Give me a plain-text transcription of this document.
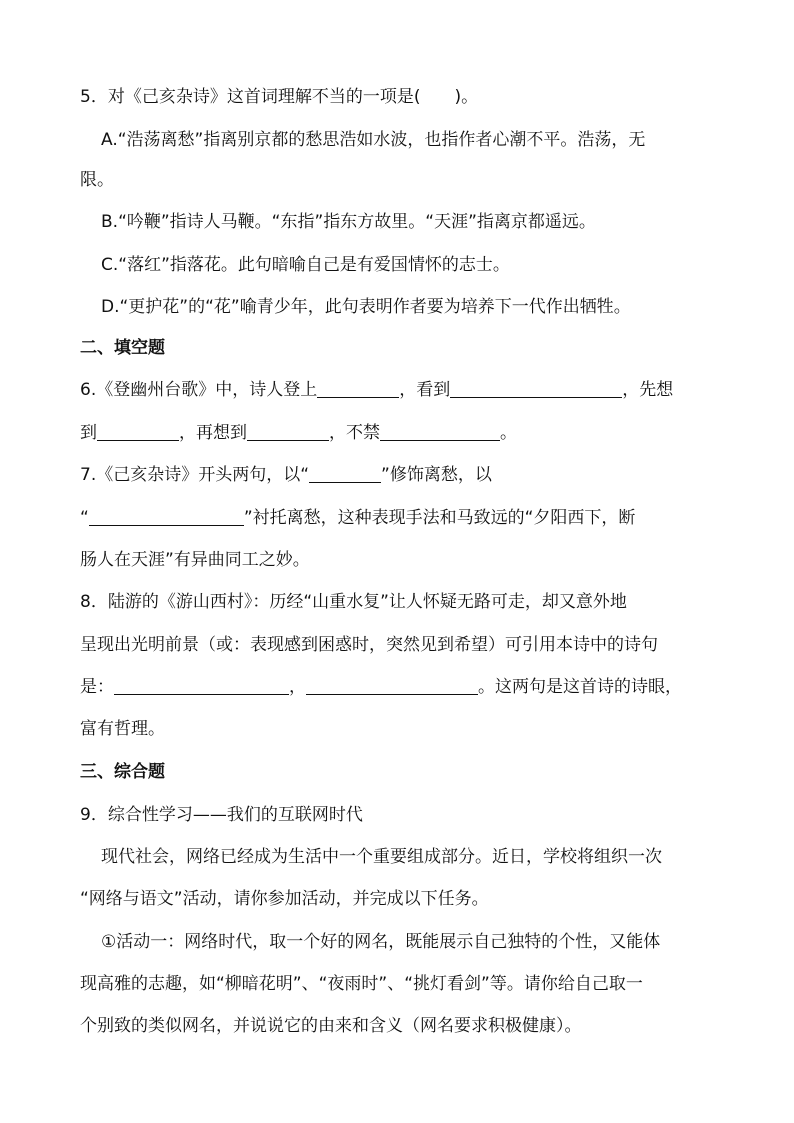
5．对《己亥杂诗》这首词理解不当的一项是(　　)。
A.“浩荡离愁”指离别京都的愁思浩如水波，也指作者心潮不平。浩荡，无
限。
B.“吟鞭”指诗人马鞭。“东指”指东方故里。“天涯”指离京都遥远。
C.“落红”指落花。此句暗喻自己是有爱国情怀的志士。
D.“更护花”的“花”喻青少年，此句表明作者要为培养下一代作出牺牲。
二、填空题
6.《登幽州台歌》中，诗人登上	，看到	，先想
到	，再想到	，不禁	。
7.《己亥杂诗》开头两句，以“	”修饰离愁，以
“	”衬托离愁，这种表现手法和马致远的“夕阳西下，断
肠人在天涯”有异曲同工之妙。
8．陆游的《游山西村》：历经“山重水复”让人怀疑无路可走，却又意外地
呈现出光明前景（或：表现感到困惑时，突然见到希望）可引用本诗中的诗句
是：	，	。这两句是这首诗的诗眼，
富有哲理。
三、综合题
9．综合性学习——我们的互联网时代
现代社会，网络已经成为生活中一个重要组成部分。近日，学校将组织一次
“网络与语文”活动，请你参加活动，并完成以下任务。
①活动一：网络时代，取一个好的网名，既能展示自己独特的个性，又能体
现高雅的志趣，如“柳暗花明”、“夜雨时”、“挑灯看剑”等。请你给自己取一
个别致的类似网名，并说说它的由来和含义（网名要求积极健康）。
